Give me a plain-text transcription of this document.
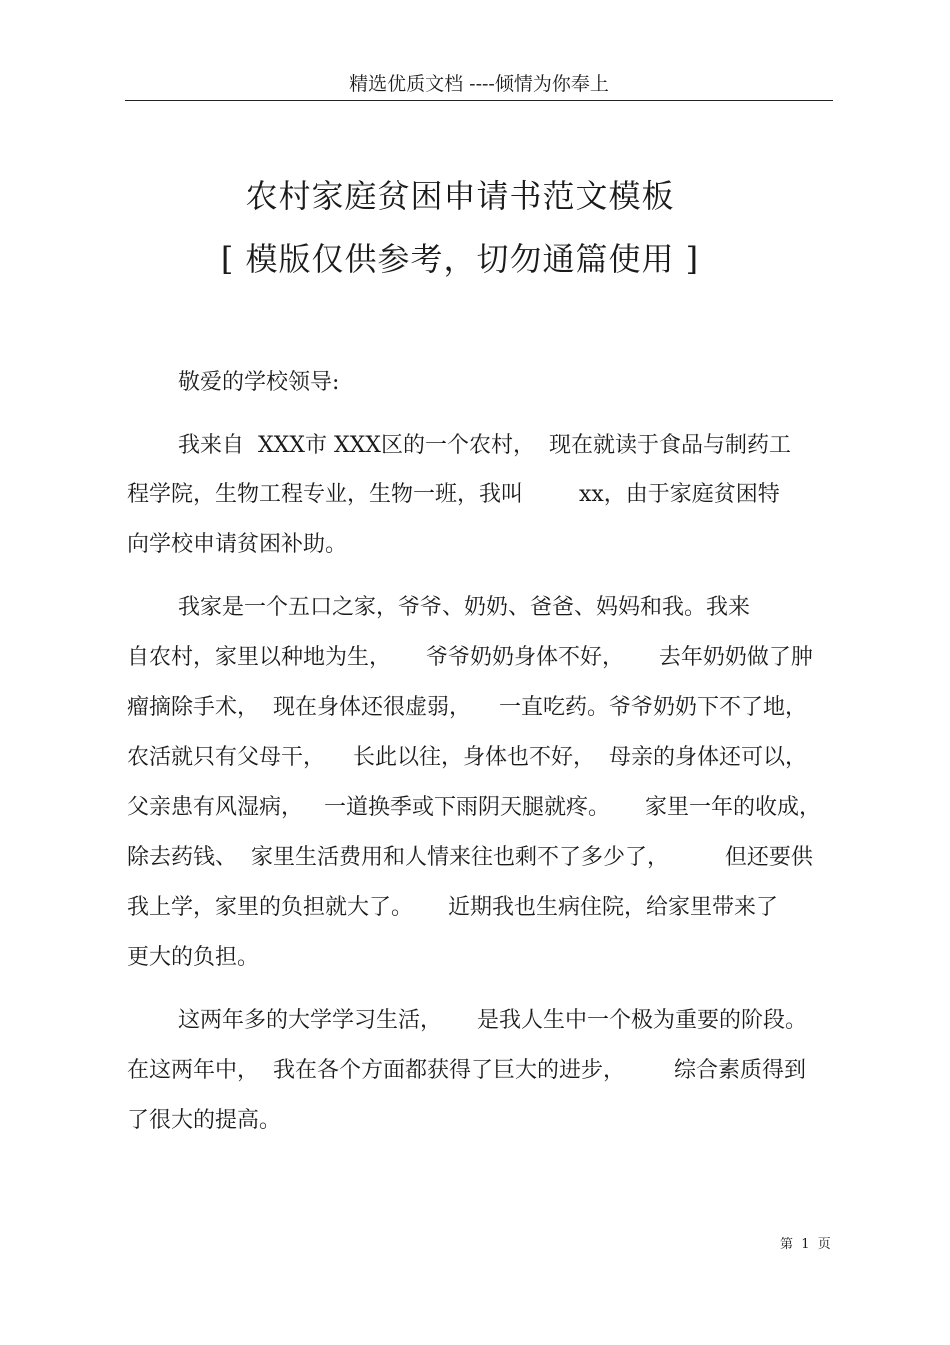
精选优质文档 ----倾情为你奉上
农村家庭贫困申请书范文模板
[ 模版仅供参考，切勿通篇使用 ]
敬爱的学校领导:
我来自  XXX市 XXX区的一个农村，  现在就读于食品与制药工
程学院，生物工程专业，生物一班，我叫        xx，由于家庭贫困特
向学校申请贫困补助。
我家是一个五口之家，爷爷、奶奶、爸爸、妈妈和我。我来
自农村，家里以种地为生，     爷爷奶奶身体不好，     去年奶奶做了肿
瘤摘除手术，  现在身体还很虚弱，    一直吃药。爷爷奶奶下不了地，
农活就只有父母干，    长此以往，身体也不好，  母亲的身体还可以，
父亲患有风湿病，   一道换季或下雨阴天腿就疼。     家里一年的收成，
除去药钱、  家里生活费用和人情来往也剩不了多少了，        但还要供
我上学，家里的负担就大了。     近期我也生病住院，给家里带来了
更大的负担。
这两年多的大学学习生活，     是我人生中一个极为重要的阶段。
在这两年中，  我在各个方面都获得了巨大的进步，       综合素质得到
了很大的提高。
第  1  页
